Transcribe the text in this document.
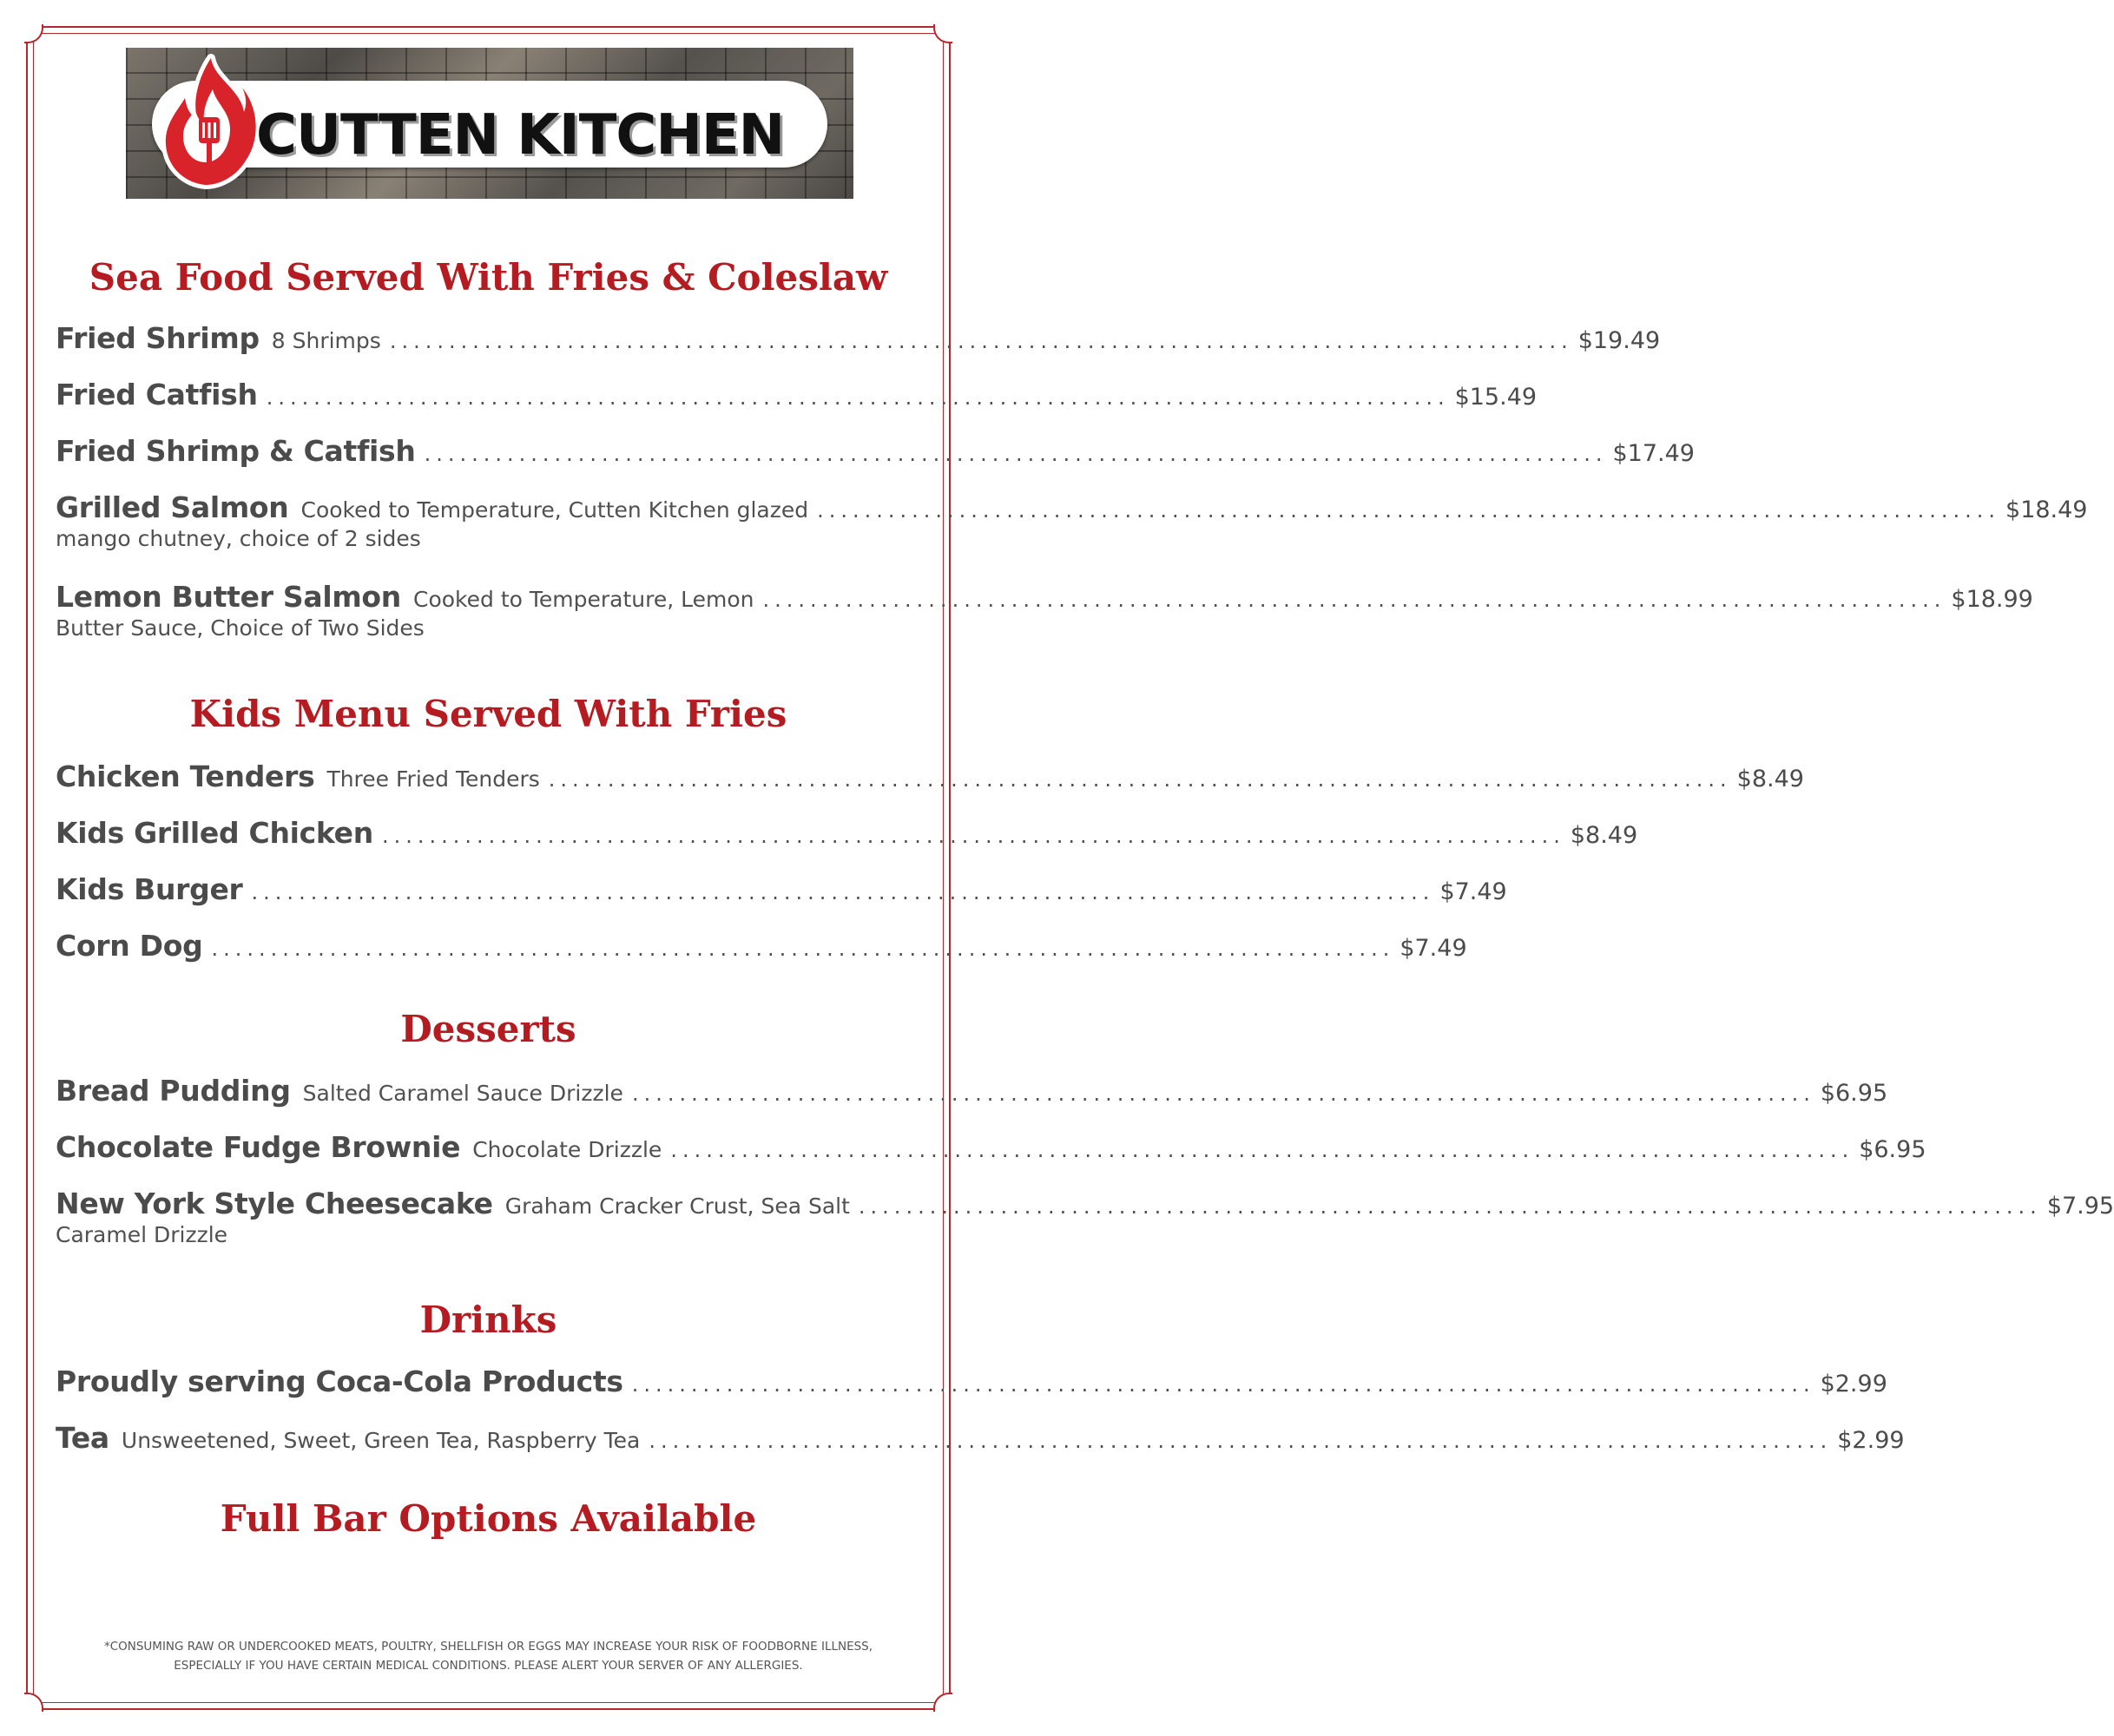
CUTTEN KITCHEN
Sea Food Served With Fries & Coleslaw
Fried Shrimp 8 Shrimps .................................................................................................... $19.49
Fried Catfish .................................................................................................... $15.49
Fried Shrimp & Catfish .................................................................................................... $17.49
Grilled Salmon Cooked to Temperature, Cutten Kitchen glazed .................................................................................................... $18.49
mango chutney, choice of 2 sides
Lemon Butter Salmon Cooked to Temperature, Lemon .................................................................................................... $18.99
Butter Sauce, Choice of Two Sides
Kids Menu Served With Fries
Chicken Tenders Three Fried Tenders .................................................................................................... $8.49
Kids Grilled Chicken .................................................................................................... $8.49
Kids Burger .................................................................................................... $7.49
Corn Dog .................................................................................................... $7.49
Desserts
Bread Pudding Salted Caramel Sauce Drizzle .................................................................................................... $6.95
Chocolate Fudge Brownie Chocolate Drizzle .................................................................................................... $6.95
New York Style Cheesecake Graham Cracker Crust, Sea Salt .................................................................................................... $7.95
Caramel Drizzle
Drinks
Proudly serving Coca-Cola Products .................................................................................................... $2.99
Tea Unsweetened, Sweet, Green Tea, Raspberry Tea .................................................................................................... $2.99
Full Bar Options Available
*CONSUMING RAW OR UNDERCOOKED MEATS, POULTRY, SHELLFISH OR EGGS MAY INCREASE YOUR RISK OF FOODBORNE ILLNESS,
ESPECIALLY IF YOU HAVE CERTAIN MEDICAL CONDITIONS. PLEASE ALERT YOUR SERVER OF ANY ALLERGIES.
